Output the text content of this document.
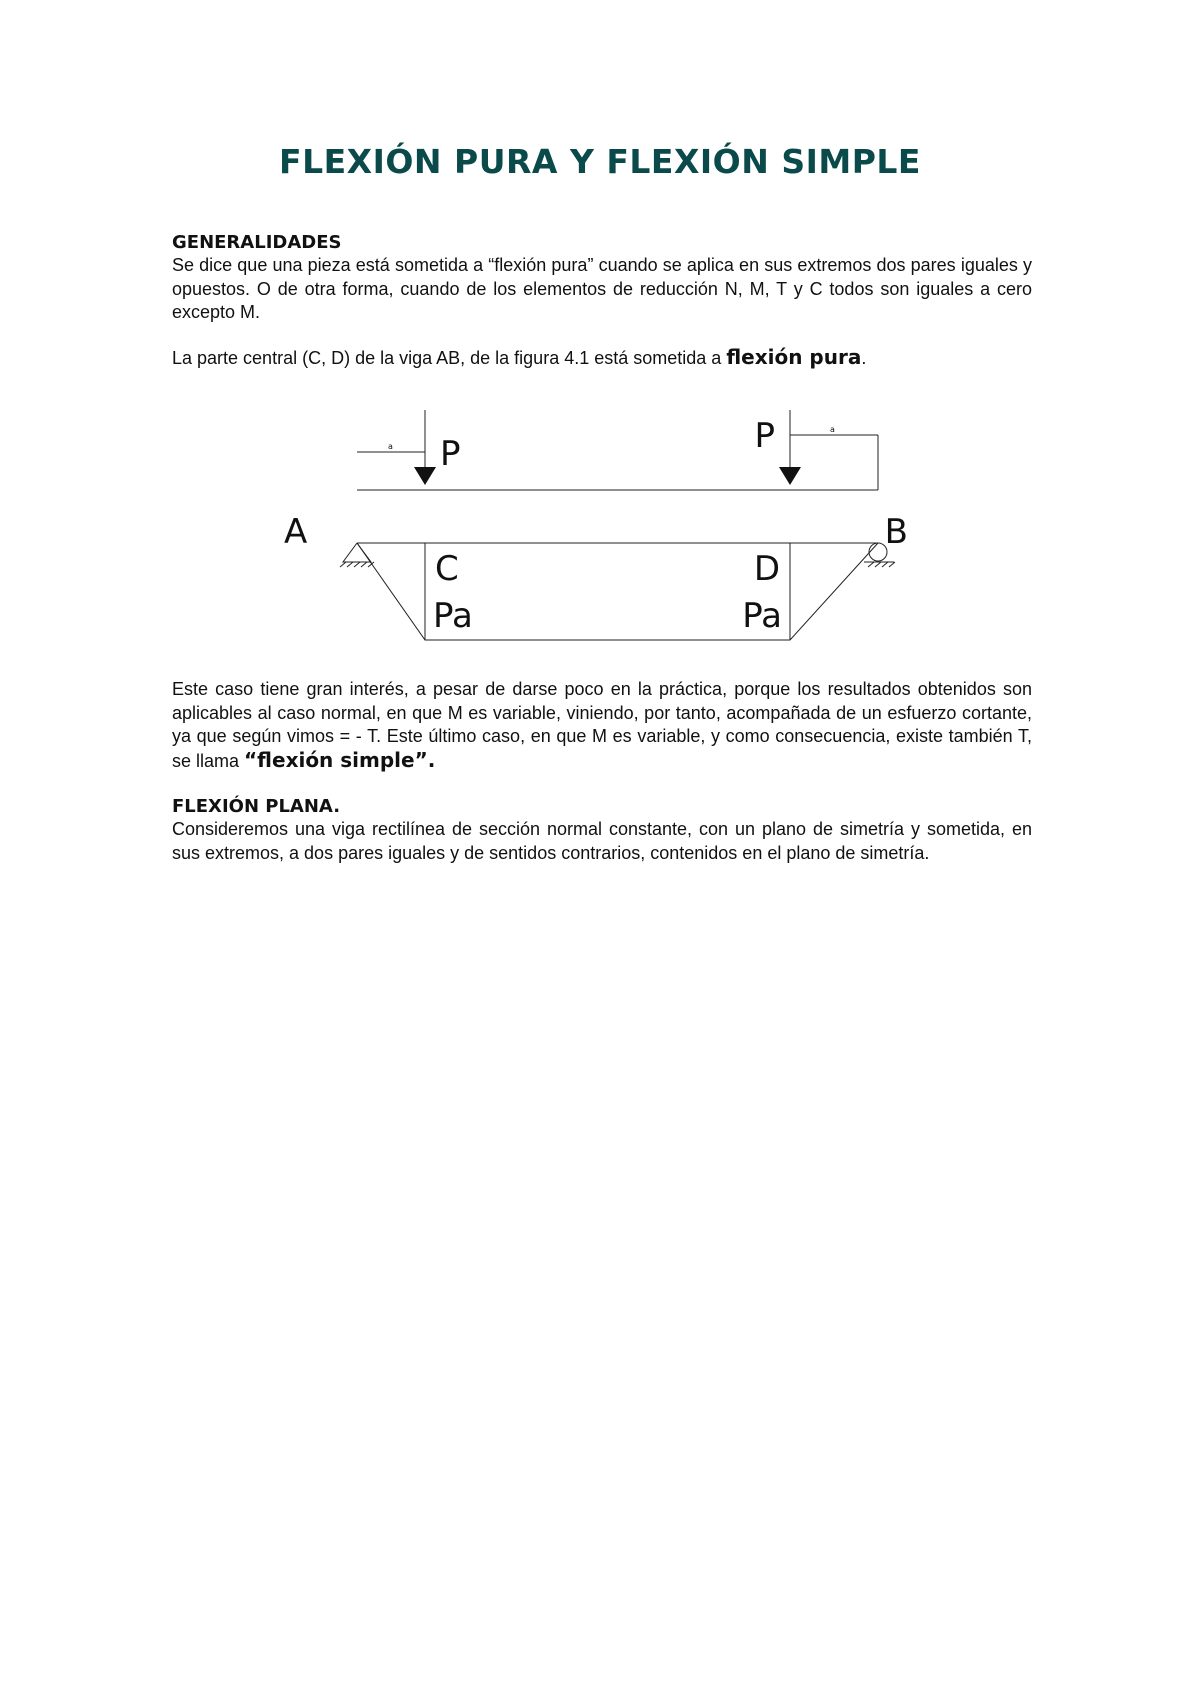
FLEXIÓN PURA Y FLEXIÓN SIMPLE

GENERALIDADES

Se dice que una pieza está sometida a “flexión pura” cuando se aplica en sus extremos dos pares iguales y opuestos. O de otra forma, cuando de los elementos de reducción N, M, T y C todos son iguales a cero excepto M.

La parte central (C, D) de la viga AB, de la figura 4.1 está sometida a flexión pura.

A	B
C	D
P	P
Pa	Pa
a
a

Este caso tiene gran interés, a pesar de darse poco en la práctica, porque los resultados obtenidos son aplicables al caso normal, en que M es variable, viniendo, por tanto, acompañada de un esfuerzo cortante, ya que según vimos = - T. Este último caso, en que M es variable, y como consecuencia, existe también T, se llama “flexión simple”.

FLEXIÓN PLANA.

Consideremos una viga rectilínea de sección normal constante, con un plano de simetría y sometida, en sus extremos, a dos pares iguales y de sentidos contrarios, contenidos en el plano de simetría.
